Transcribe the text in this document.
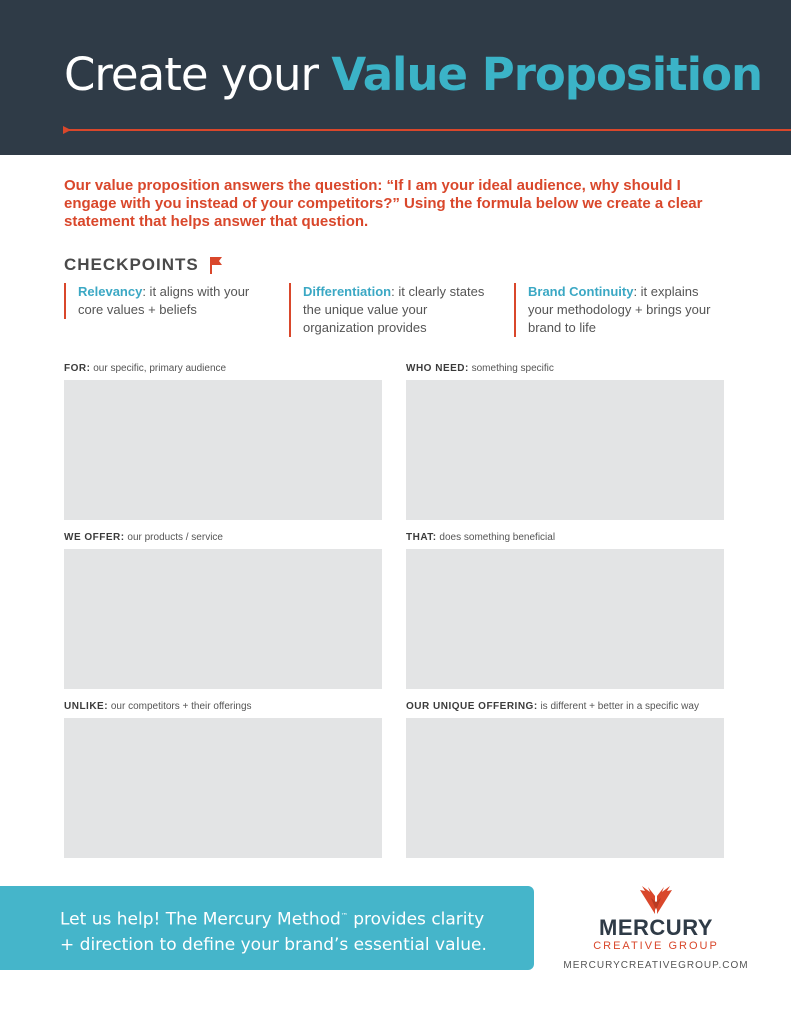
Create your Value Proposition

Our value proposition answers the question: “If I am your ideal audience, why should I engage with you instead of your competitors?” Using the formula below we create a clear statement that helps answer that question.

CHECKPOINTS
Relevancy: it aligns with your core values + beliefs
Differentiation: it clearly states the unique value your organization provides
Brand Continuity: it explains your methodology + brings your brand to life
FOR: our specific, primary audience	WHO NEED: something specific
WE OFFER: our products / service	THAT: does something beneficial
UNLIKE: our competitors + their offerings	OUR UNIQUE OFFERING: is different + better in a specific way
Let us help! The Mercury Method™ provides clarity
+ direction to define your brand’s essential value.
MERCURY
CREATIVE GROUP
MERCURYCREATIVEGROUP.COM
